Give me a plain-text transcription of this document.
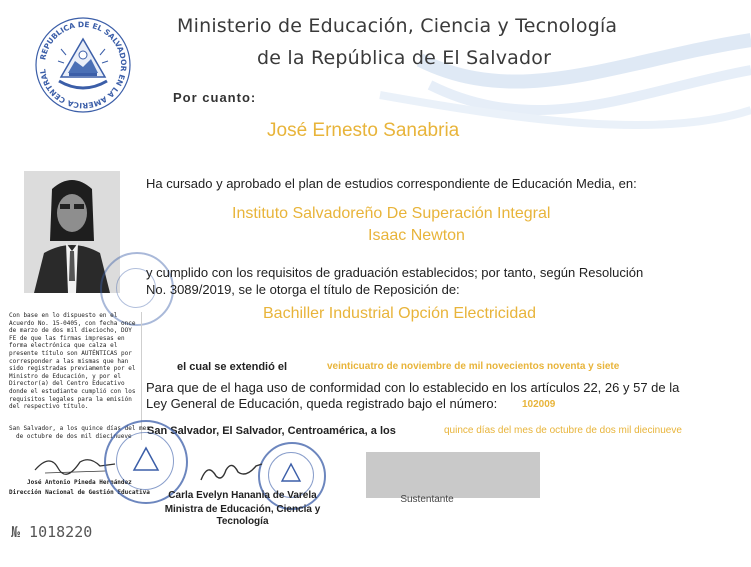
REPUBLICA DE EL SALVADOR EN LA AMERICA CENTRAL
Ministerio de Educación, Ciencia y Tecnología
de la República de El Salvador
Por cuanto:
José Ernesto Sanabria
Ha cursado y aprobado el plan de estudios correspondiente de Educación Media, en:
Instituto Salvadoreño De Superación Integral
Isaac Newton
y cumplido con los requisitos de graduación establecidos; por tanto, según Resolución
No. 3089/2019, se le otorga el título de Reposición de:
Bachiller Industrial Opción Electricidad
Con base en lo dispuesto en el
Acuerdo No. 15-0405, con fecha once
de marzo de dos mil dieciocho, DOY
FE de que las firmas impresas en
forma electrónica que calza el
presente título son AUTÉNTICAS por
corresponder a las mismas que han
sido registradas previamente por el
Ministro de Educación, y por el
Director(a) del Centro Educativo
donde el estudiante cumplió con los
requisitos legales para la emisión
del respectivo título.
el cual se extendió el	veinticuatro de noviembre de mil novecientos noventa y siete
Para que de el haga uso de conformidad con lo establecido en los artículos 22, 26 y 57 de la
Ley General de Educación, queda registrado bajo el número: 102009
San Salvador, a los quince días del mes
de octubre de dos mil diecinueve San Salvador, El Salvador, Centroamérica, a los	quince días del mes de octubre de dos mil diecinueve
José Antonio Pineda Hernández
Dirección Nacional de Gestión Educativa	Carla Evelyn Hanania de Varela
Ministra de Educación, Ciencia y
Tecnología
Sustentante
№ 1018220
